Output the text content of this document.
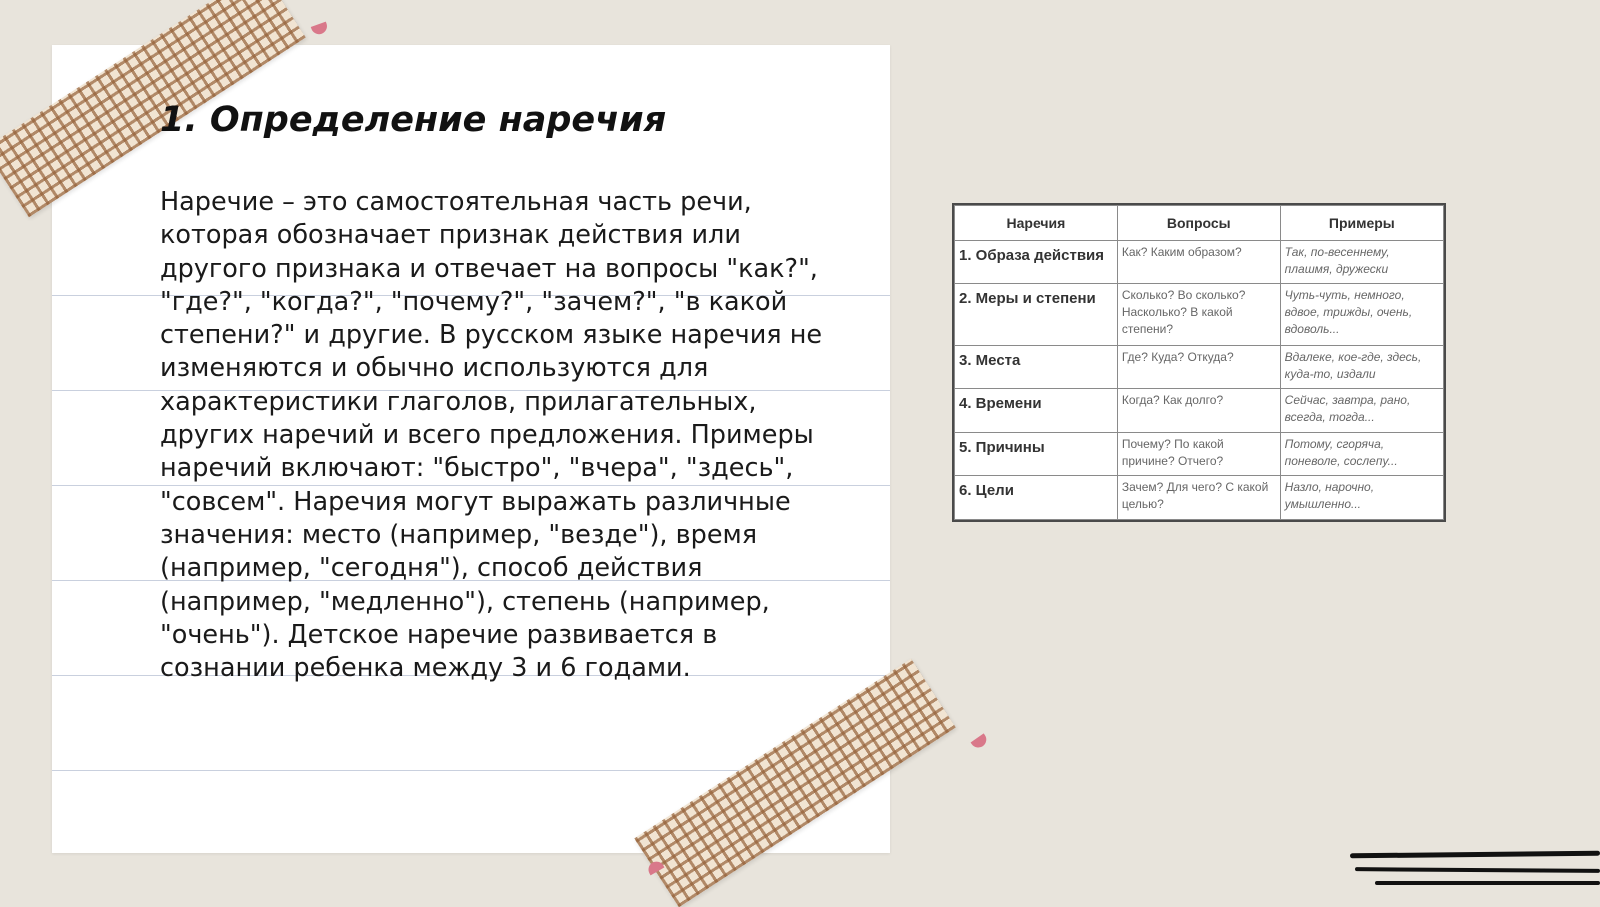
1. Определение наречия

Наречие – это самостоятельная часть речи, которая обозначает признак действия или другого признака и отвечает на вопросы "как?", "где?", "когда?", "почему?", "зачем?", "в какой степени?" и другие. В русском языке наречия не изменяются и обычно используются для характеристики глаголов, прилагательных, других наречий и всего предложения. Примеры наречий включают: "быстро", "вчера", "здесь", "совсем". Наречия могут выражать различные значения: место (например, "везде"), время (например, "сегодня"), способ действия (например, "медленно"), степень (например, "очень"). Детское наречие развивается в сознании ребенка между 3 и 6 годами.

Наречия	Вопросы	Примеры
1. Образа действия	Как? Каким образом?	Так, по-весеннему, плашмя, дружески
2. Меры и степени	Сколько? Во сколько? Насколько? В какой степени?	Чуть-чуть, немного, вдвое, трижды, очень, вдоволь...
3. Места	Где? Куда? Откуда?	Вдалеке, кое-где, здесь, куда-то, издали
4. Времени	Когда? Как долго?	Сейчас, завтра, рано, всегда, тогда...
5. Причины	Почему? По какой причине? Отчего?	Потому, сгоряча, поневоле, сослепу...
6. Цели	Зачем? Для чего? С какой целью?	Назло, нарочно, умышленно...
